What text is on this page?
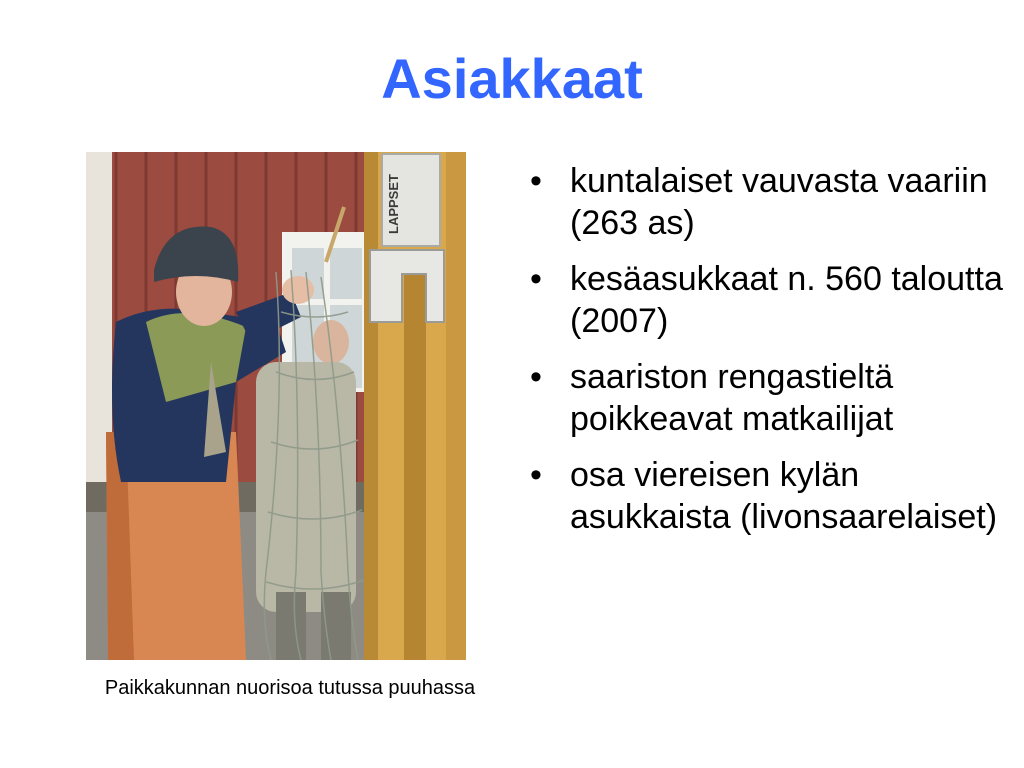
Asiakkaat
LAPPSET	• kuntalaiset vauvasta vaariin (263 as)
• kesäasukkaat n. 560 taloutta (2007)
• saariston rengastieltä poikkeavat matkailijat
• osa viereisen kylän asukkaista (livonsaarelaiset)
Paikkakunnan nuorisoa tutussa puuhassa
